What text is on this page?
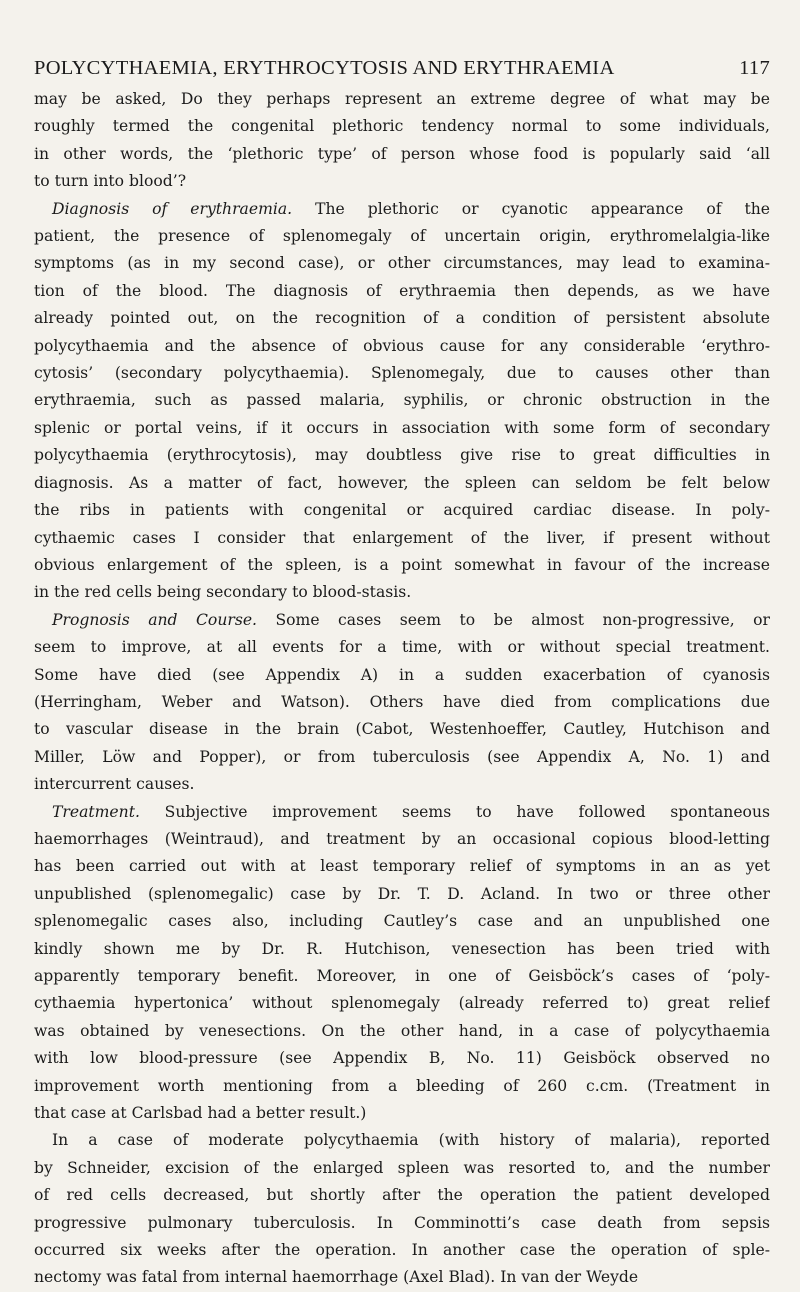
POLYCYTHAEMIA, ERYTHROCYTOSIS AND ERYTHRAEMIA	117
may be asked, Do they perhaps represent an extreme degree of what may be
roughly termed the congenital plethoric tendency normal to some individuals,
in other words, the ‘plethoric type’ of person whose food is popularly said ‘all
to turn into blood’?
Diagnosis of erythraemia. The plethoric or cyanotic appearance of the
patient, the presence of splenomegaly of uncertain origin, erythromelalgia-like
symptoms (as in my second case), or other circumstances, may lead to examina-
tion of the blood. The diagnosis of erythraemia then depends, as we have
already pointed out, on the recognition of a condition of persistent absolute
polycythaemia and the absence of obvious cause for any considerable ‘erythro-
cytosis’ (secondary polycythaemia). Splenomegaly, due to causes other than
erythraemia, such as passed malaria, syphilis, or chronic obstruction in the
splenic or portal veins, if it occurs in association with some form of secondary
polycythaemia (erythrocytosis), may doubtless give rise to great difficulties in
diagnosis. As a matter of fact, however, the spleen can seldom be felt below
the ribs in patients with congenital or acquired cardiac disease. In poly-
cythaemic cases I consider that enlargement of the liver, if present without
obvious enlargement of the spleen, is a point somewhat in favour of the increase
in the red cells being secondary to blood-stasis.
Prognosis and Course. Some cases seem to be almost non-progressive, or
seem to improve, at all events for a time, with or without special treatment.
Some have died (see Appendix A) in a sudden exacerbation of cyanosis
(Herringham, Weber and Watson). Others have died from complications due
to vascular disease in the brain (Cabot, Westenhoeffer, Cautley, Hutchison and
Miller, Löw and Popper), or from tuberculosis (see Appendix A, No. 1) and
intercurrent causes.
Treatment. Subjective improvement seems to have followed spontaneous
haemorrhages (Weintraud), and treatment by an occasional copious blood-letting
has been carried out with at least temporary relief of symptoms in an as yet
unpublished (splenomegalic) case by Dr. T. D. Acland. In two or three other
splenomegalic cases also, including Cautley’s case and an unpublished one
kindly shown me by Dr. R. Hutchison, venesection has been tried with
apparently temporary benefit. Moreover, in one of Geisböck’s cases of ‘poly-
cythaemia hypertonica’ without splenomegaly (already referred to) great relief
was obtained by venesections. On the other hand, in a case of polycythaemia
with low blood-pressure (see Appendix B, No. 11) Geisböck observed no
improvement worth mentioning from a bleeding of 260 c.cm. (Treatment in
that case at Carlsbad had a better result.)
In a case of moderate polycythaemia (with history of malaria), reported
by Schneider, excision of the enlarged spleen was resorted to, and the number
of red cells decreased, but shortly after the operation the patient developed
progressive pulmonary tuberculosis. In Comminotti’s case death from sepsis
occurred six weeks after the operation. In another case the operation of sple-
nectomy was fatal from internal haemorrhage (Axel Blad). In van der Weyde
